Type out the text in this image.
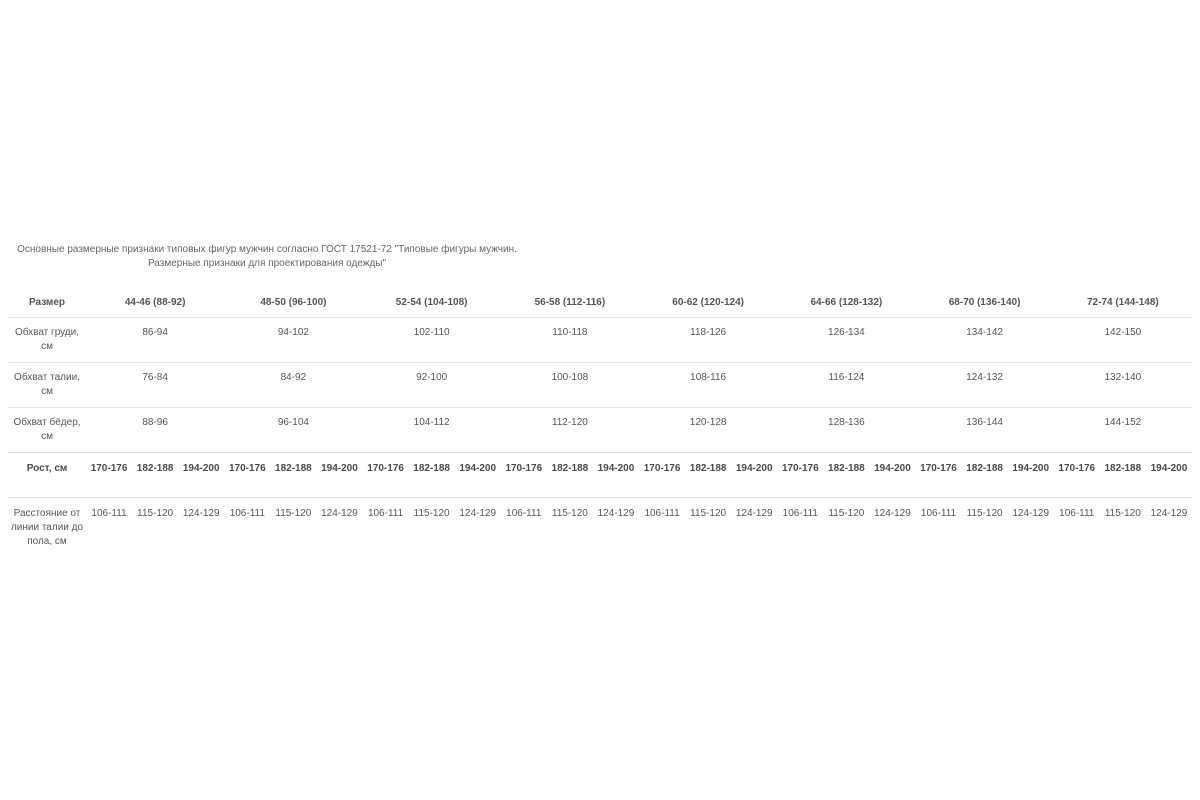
Основные размерные признаки типовых фигур мужчин согласно ГОСТ 17521-72 "Типовые фигуры мужчин. Размерные признаки для проектирования одежды"

Размер	44-46 (88-92)			48-50 (96-100)			52-54 (104-108)			56-58 (112-116)			60-62 (120-124)			64-66 (128-132)			68-70 (136-140)			72-74 (144-148)		
Обхват груди, см	86-94			94-102			102-110			110-118			118-126			126-134			134-142			142-150		
Обхват талии, см	76-84			84-92			92-100			100-108			108-116			116-124			124-132			132-140		
Обхват бёдер, см	88-96			96-104			104-112			112-120			120-128			128-136			136-144			144-152		
Рост, см	170-176	182-188	194-200	170-176	182-188	194-200	170-176	182-188	194-200	170-176	182-188	194-200	170-176	182-188	194-200	170-176	182-188	194-200	170-176	182-188	194-200	170-176	182-188	194-200
Расстояние от линии талии до пола, см	106-111	115-120	124-129	106-111	115-120	124-129	106-111	115-120	124-129	106-111	115-120	124-129	106-111	115-120	124-129	106-111	115-120	124-129	106-111	115-120	124-129	106-111	115-120	124-129
